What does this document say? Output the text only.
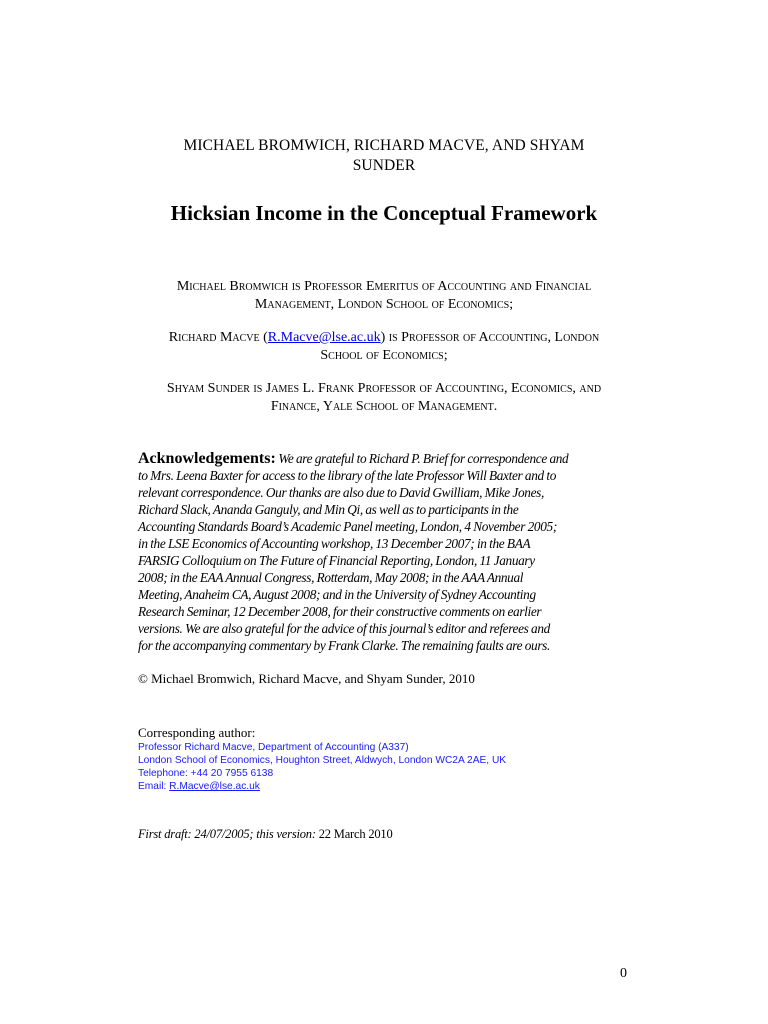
MICHAEL BROMWICH, RICHARD MACVE, AND SHYAM
SUNDER
Hicksian Income in the Conceptual Framework
Michael Bromwich is Professor Emeritus of Accounting and Financial
Management, London School of Economics;
Richard Macve (R.Macve@lse.ac.uk) is Professor of Accounting, London
School of Economics;
Shyam Sunder is James L. Frank Professor of Accounting, Economics, and
Finance, Yale School of Management.
Acknowledgements: We are grateful to Richard P. Brief for correspondence and
to Mrs. Leena Baxter for access to the library of the late Professor Will Baxter and to
relevant correspondence. Our thanks are also due to David Gwilliam, Mike Jones,
Richard Slack, Ananda Ganguly, and Min Qi, as well as to participants in the
Accounting Standards Board’s Academic Panel meeting, London, 4 November 2005;
in the LSE Economics of Accounting workshop, 13 December 2007; in the BAA
FARSIG Colloquium on The Future of Financial Reporting, London, 11 January
2008; in the EAA Annual Congress, Rotterdam, May 2008; in the AAA Annual
Meeting, Anaheim CA, August 2008; and in the University of Sydney Accounting
Research Seminar, 12 December 2008, for their constructive comments on earlier
versions. We are also grateful for the advice of this journal’s editor and referees and
for the accompanying commentary by Frank Clarke. The remaining faults are ours.
© Michael Bromwich, Richard Macve, and Shyam Sunder, 2010
Corresponding author:
Professor Richard Macve, Department of Accounting (A337)
London School of Economics, Houghton Street, Aldwych, London WC2A 2AE, UK
Telephone: +44 20 7955 6138
Email: R.Macve@lse.ac.uk
First draft: 24/07/2005; this version: 22 March 2010
0
